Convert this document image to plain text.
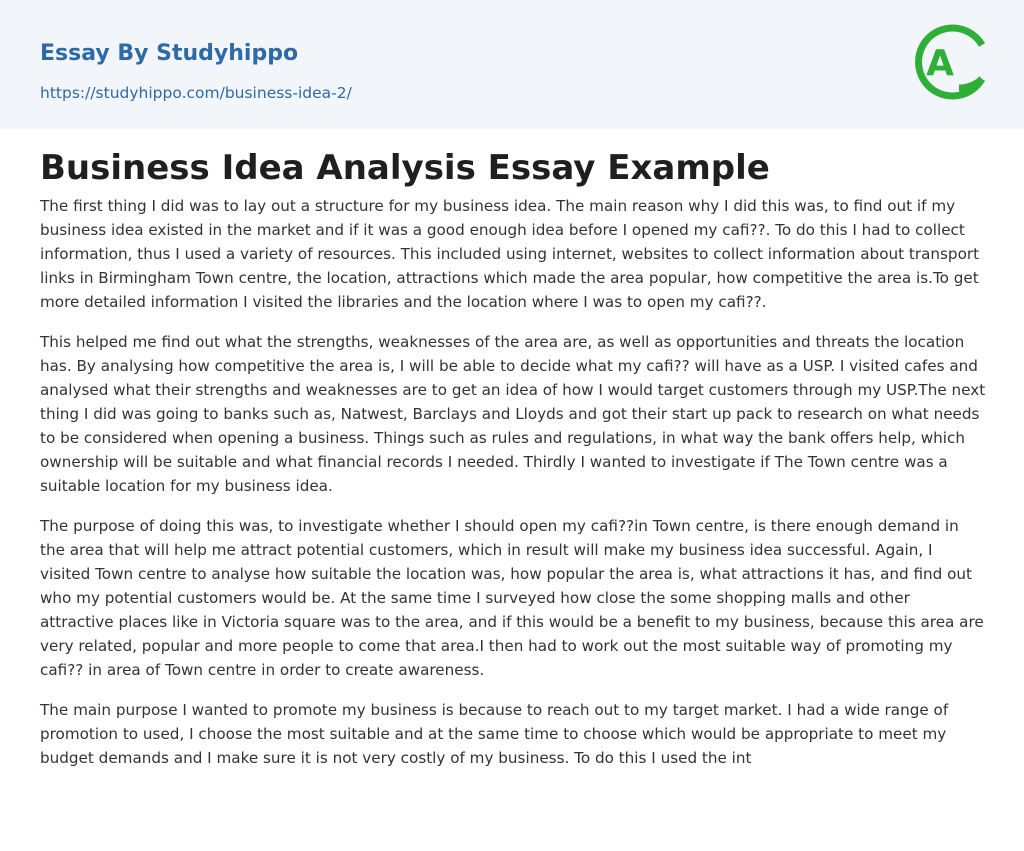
Essay By Studyhippo
https://studyhippo.com/business-idea-2/
A
Business Idea Analysis Essay Example

The first thing I did was to lay out a structure for my business idea. The main reason why I did this was, to find out if my business idea existed in the market and if it was a good enough idea before I opened my cafi??. To do this I had to collect information, thus I used a variety of resources. This included using internet, websites to collect information about transport links in Birmingham Town centre, the location, attractions which made the area popular, how competitive the area is.To get more detailed information I visited the libraries and the location where I was to open my cafi??.

This helped me find out what the strengths, weaknesses of the area are, as well as opportunities and threats the location has. By analysing how competitive the area is, I will be able to decide what my cafi?? will have as a USP. I visited cafes and analysed what their strengths and weaknesses are to get an idea of how I would target customers through my USP.The next thing I did was going to banks such as, Natwest, Barclays and Lloyds and got their start up pack to research on what needs to be considered when opening a business. Things such as rules and regulations, in what way the bank offers help, which ownership will be suitable and what financial records I needed. Thirdly I wanted to investigate if The Town centre was a suitable location for my business idea.

The purpose of doing this was, to investigate whether I should open my cafi??in Town centre, is there enough demand in the area that will help me attract potential customers, which in result will make my business idea successful. Again, I visited Town centre to analyse how suitable the location was, how popular the area is, what attractions it has, and find out who my potential customers would be. At the same time I surveyed how close the some shopping malls and other attractive places like in Victoria square was to the area, and if this would be a benefit to my business, because this area are very related, popular and more people to come that area.I then had to work out the most suitable way of promoting my cafi?? in area of Town centre in order to create awareness.

The main purpose I wanted to promote my business is because to reach out to my target market. I had a wide range of promotion to used, I choose the most suitable and at the same time to choose which would be appropriate to meet my budget demands and I make sure it is not very costly of my business. To do this I used the int
